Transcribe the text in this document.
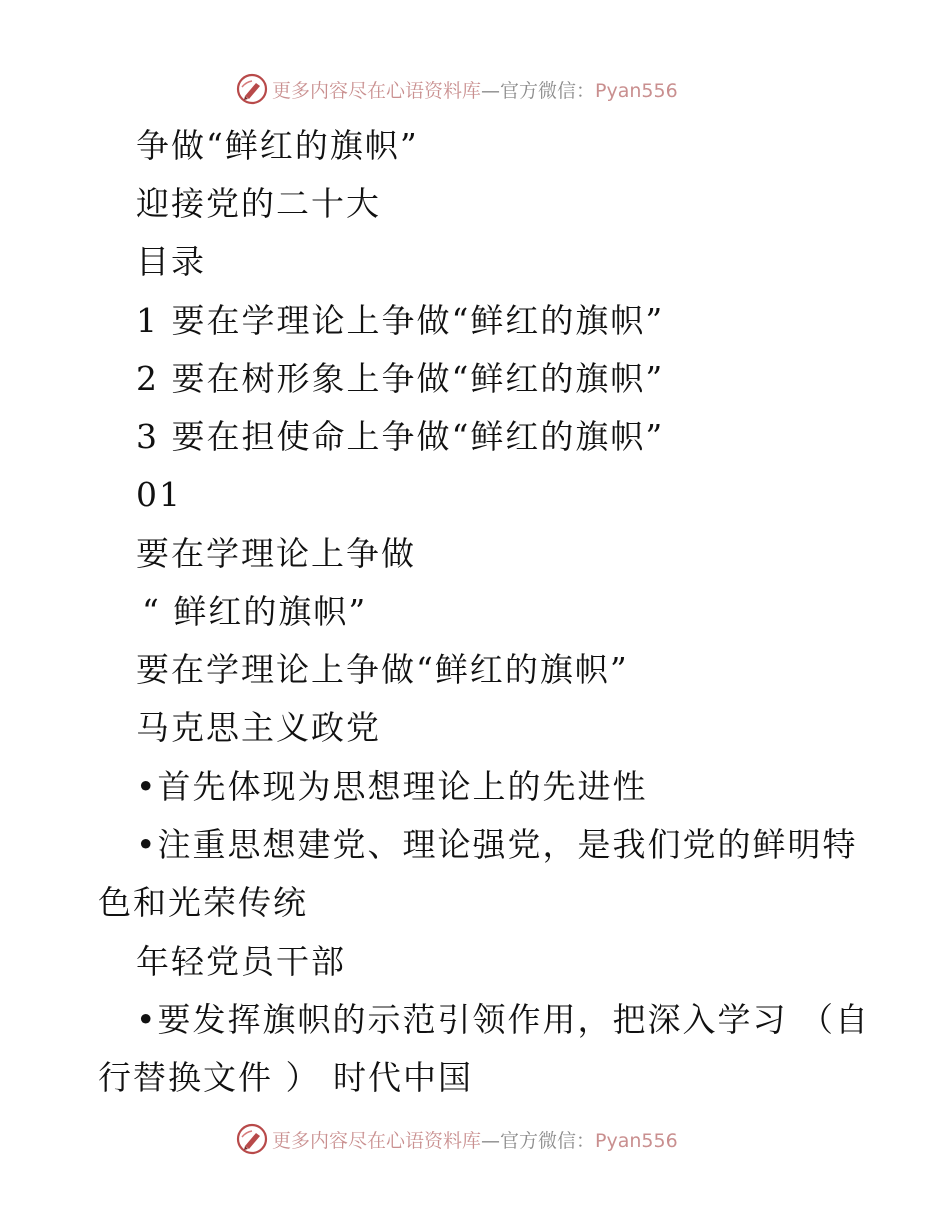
更多内容尽在心语资料库—官方微信：Pyan556
争做“鲜红的旗帜”
迎接党的二十大
目录
1 要在学理论上争做“鲜红的旗帜”
2 要在树形象上争做“鲜红的旗帜”
3 要在担使命上争做“鲜红的旗帜”
01
要在学理论上争做
“ 鲜红的旗帜”
要在学理论上争做“鲜红的旗帜”
马克思主义政党
•首先体现为思想理论上的先进性
•注重思想建党、理论强党，是我们党的鲜明特
色和光荣传统
年轻党员干部
•要发挥旗帜的示范引领作用，把深入学习 （自
行替换文件 ） 时代中国
更多内容尽在心语资料库—官方微信：Pyan556
